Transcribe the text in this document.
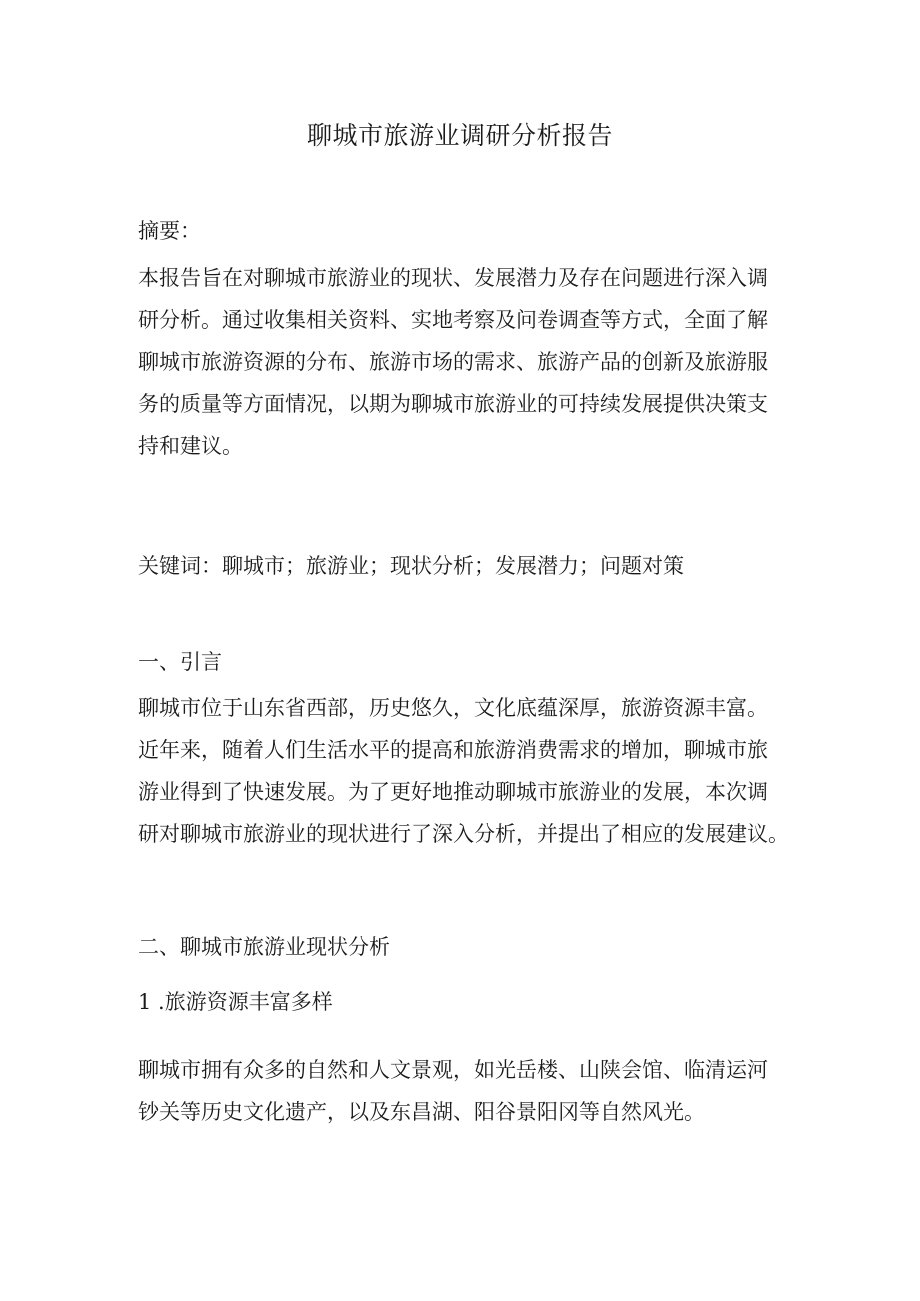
聊城市旅游业调研分析报告
摘要：
本报告旨在对聊城市旅游业的现状、发展潜力及存在问题进行深入调
研分析。通过收集相关资料、实地考察及问卷调查等方式，全面了解
聊城市旅游资源的分布、旅游市场的需求、旅游产品的创新及旅游服
务的质量等方面情况，以期为聊城市旅游业的可持续发展提供决策支
持和建议。
关键词：聊城市；旅游业；现状分析；发展潜力；问题对策
一、引言
聊城市位于山东省西部，历史悠久，文化底蕴深厚，旅游资源丰富。
近年来，随着人们生活水平的提高和旅游消费需求的增加，聊城市旅
游业得到了快速发展。为了更好地推动聊城市旅游业的发展，本次调
研对聊城市旅游业的现状进行了深入分析，并提出了相应的发展建议。
二、聊城市旅游业现状分析
1 .旅游资源丰富多样
聊城市拥有众多的自然和人文景观，如光岳楼、山陕会馆、临清运河
钞关等历史文化遗产，以及东昌湖、阳谷景阳冈等自然风光。
